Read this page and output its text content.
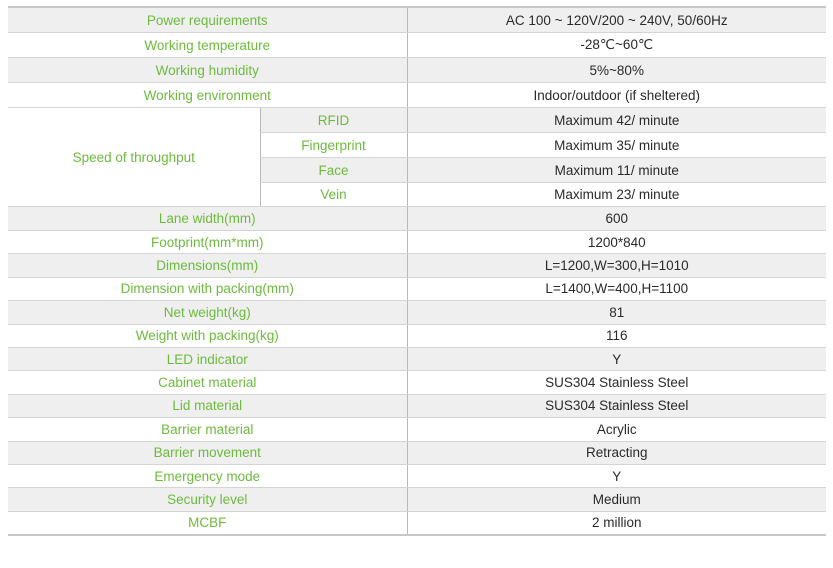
Power requirements		AC 100 ~ 120V/200 ~ 240V, 50/60Hz
Working temperature		-28℃~60℃
Working humidity		5%~80%
Working environment		Indoor/outdoor (if sheltered)
Speed of throughput	RFID	Maximum 42/ minute
	Fingerprint	Maximum 35/ minute
	Face	Maximum 11/ minute
	Vein	Maximum 23/ minute
Lane width(mm)		600
Footprint(mm*mm)		1200*840
Dimensions(mm)		L=1200,W=300,H=1010
Dimension with packing(mm)		L=1400,W=400,H=1100
Net weight(kg)		81
Weight with packing(kg)		116
LED indicator		Y
Cabinet material		SUS304 Stainless Steel
Lid material		SUS304 Stainless Steel
Barrier material		Acrylic
Barrier movement		Retracting
Emergency mode		Y
Security level		Medium
MCBF		2 million
